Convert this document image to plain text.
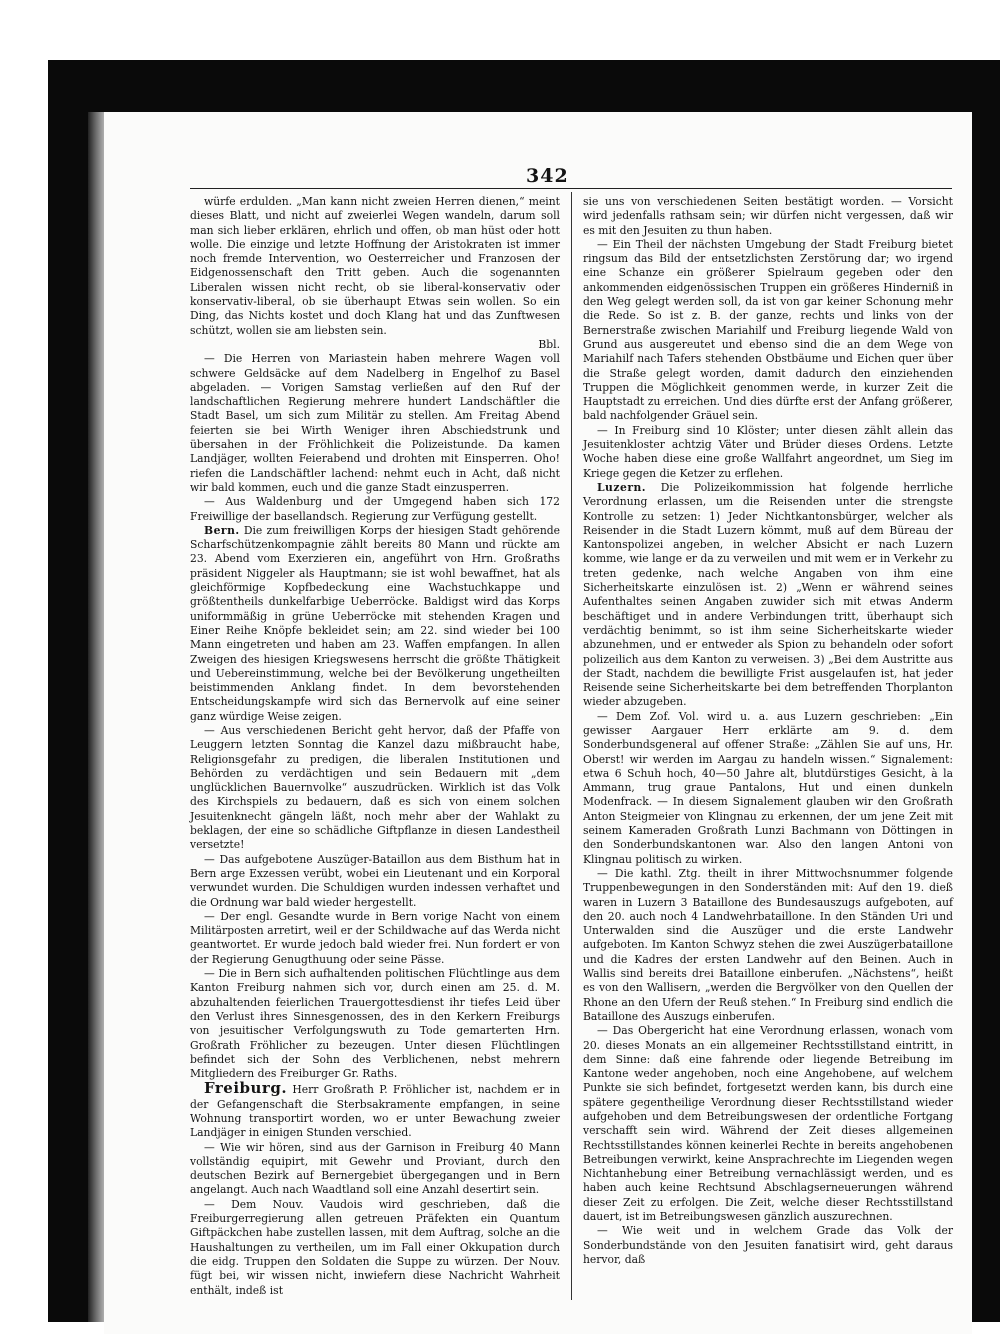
342

würfe erdulden. „Man kann nicht zweien Herren dienen,“ meint dieses Blatt, und nicht auf zweierlei Wegen wandeln, darum soll man sich lieber erklären, ehrlich und offen, ob man hüst oder hott wolle. Die einzige und letzte Hoffnung der Aristokraten ist immer noch fremde Intervention, wo Oesterreicher und Franzosen der Eidgenossenschaft den Tritt geben. Auch die sogenannten Liberalen wissen nicht recht, ob sie liberal-konservativ oder konservativ-liberal, ob sie überhaupt Etwas sein wollen. So ein Ding, das Nichts kostet und doch Klang hat und das Zunftwesen schützt, wollen sie am liebsten sein.

Bbl.

— Die Herren von Mariastein haben mehrere Wagen voll schwere Geldsäcke auf dem Nadelberg in Engelhof zu Basel abgeladen. — Vorigen Samstag verließen auf den Ruf der landschaftlichen Regierung mehrere hundert Landschäftler die Stadt Basel, um sich zum Militär zu stellen. Am Freitag Abend feierten sie bei Wirth Weniger ihren Abschiedstrunk und übersahen in der Fröhlichkeit die Polizeistunde. Da kamen Landjäger, wollten Feierabend und drohten mit Einsperren. Oho! riefen die Landschäftler lachend: nehmt euch in Acht, daß nicht wir bald kommen, euch und die ganze Stadt einzusperren.

— Aus Waldenburg und der Umgegend haben sich 172 Freiwillige der basellandsch. Regierung zur Verfügung gestellt.

Bern. Die zum freiwilligen Korps der hiesigen Stadt gehörende Scharfschützenkompagnie zählt bereits 80 Mann und rückte am 23. Abend vom Exerzieren ein, angeführt von Hrn. Großraths präsident Niggeler als Hauptmann; sie ist wohl bewaffnet, hat als gleichförmige Kopfbedeckung eine Wachstuchkappe und größtentheils dunkelfarbige Ueberröcke. Baldigst wird das Korps uniformmäßig in grüne Ueberröcke mit stehenden Kragen und Einer Reihe Knöpfe bekleidet sein; am 22. sind wieder bei 100 Mann eingetreten und haben am 23. Waffen empfangen. In allen Zweigen des hiesigen Kriegswesens herrscht die größte Thätigkeit und Uebereinstimmung, welche bei der Bevölkerung ungetheilten beistimmenden Anklang findet. In dem bevorstehenden Entscheidungskampfe wird sich das Bernervolk auf eine seiner ganz würdige Weise zeigen.

— Aus verschiedenen Bericht geht hervor, daß der Pfaffe von Leuggern letzten Sonntag die Kanzel dazu mißbraucht habe, Religionsgefahr zu predigen, die liberalen Institutionen und Behörden zu verdächtigen und sein Bedauern mit „dem unglücklichen Bauernvolke“ auszudrücken. Wirklich ist das Volk des Kirchspiels zu bedauern, daß es sich von einem solchen Jesuitenknecht gängeln läßt, noch mehr aber der Wahlakt zu beklagen, der eine so schädliche Giftpflanze in diesen Landestheil versetzte!

— Das aufgebotene Auszüger-Bataillon aus dem Bisthum hat in Bern arge Exzessen verübt, wobei ein Lieutenant und ein Korporal verwundet wurden. Die Schuldigen wurden indessen verhaftet und die Ordnung war bald wieder hergestellt.

— Der engl. Gesandte wurde in Bern vorige Nacht von einem Militärposten arretirt, weil er der Schildwache auf das Werda nicht geantwortet. Er wurde jedoch bald wieder frei. Nun fordert er von der Regierung Genugthuung oder seine Pässe.

— Die in Bern sich aufhaltenden politischen Flüchtlinge aus dem Kanton Freiburg nahmen sich vor, durch einen am 25. d. M. abzuhaltenden feierlichen Trauergottesdienst ihr tiefes Leid über den Verlust ihres Sinnesgenossen, des in den Kerkern Freiburgs von jesuitischer Verfolgungswuth zu Tode gemarterten Hrn. Großrath Fröhlicher zu bezeugen. Unter diesen Flüchtlingen befindet sich der Sohn des Verblichenen, nebst mehrern Mitgliedern des Freiburger Gr. Raths.

Freiburg. Herr Großrath P. Fröhlicher ist, nachdem er in der Gefangenschaft die Sterbsakramente empfangen, in seine Wohnung transportirt worden, wo er unter Bewachung zweier Landjäger in einigen Stunden verschied.

— Wie wir hören, sind aus der Garnison in Freiburg 40 Mann vollständig equipirt, mit Gewehr und Proviant, durch den deutschen Bezirk auf Bernergebiet übergegangen und in Bern angelangt. Auch nach Waadtland soll eine Anzahl desertirt sein.

— Dem Nouv. Vaudois wird geschrieben, daß die Freiburgerregierung allen getreuen Präfekten ein Quantum Giftpäckchen habe zustellen lassen, mit dem Auftrag, solche an die Haushaltungen zu vertheilen, um im Fall einer Okkupation durch die eidg. Truppen den Soldaten die Suppe zu würzen. Der Nouv. fügt bei, wir wissen nicht, inwiefern diese Nachricht Wahrheit enthält, indeß ist

sie uns von verschiedenen Seiten bestätigt worden. — Vorsicht wird jedenfalls rathsam sein; wir dürfen nicht vergessen, daß wir es mit den Jesuiten zu thun haben.

— Ein Theil der nächsten Umgebung der Stadt Freiburg bietet ringsum das Bild der entsetzlichsten Zerstörung dar; wo irgend eine Schanze ein größerer Spielraum gegeben oder den ankommenden eidgenössischen Truppen ein größeres Hinderniß in den Weg gelegt werden soll, da ist von gar keiner Schonung mehr die Rede. So ist z. B. der ganze, rechts und links von der Bernerstraße zwischen Mariahilf und Freiburg liegende Wald von Grund aus ausgereutet und ebenso sind die an dem Wege von Mariahilf nach Tafers stehenden Obstbäume und Eichen quer über die Straße gelegt worden, damit dadurch den einziehenden Truppen die Möglichkeit genommen werde, in kurzer Zeit die Hauptstadt zu erreichen. Und dies dürfte erst der Anfang größerer, bald nachfolgender Gräuel sein.

— In Freiburg sind 10 Klöster; unter diesen zählt allein das Jesuitenkloster achtzig Väter und Brüder dieses Ordens. Letzte Woche haben diese eine große Wallfahrt angeordnet, um Sieg im Kriege gegen die Ketzer zu erflehen.

Luzern. Die Polizeikommission hat folgende herrliche Verordnung erlassen, um die Reisenden unter die strengste Kontrolle zu setzen: 1) Jeder Nichtkantonsbürger, welcher als Reisender in die Stadt Luzern kömmt, muß auf dem Büreau der Kantonspolizei angeben, in welcher Absicht er nach Luzern komme, wie lange er da zu verweilen und mit wem er in Verkehr zu treten gedenke, nach welche Angaben von ihm eine Sicherheitskarte einzulösen ist. 2) „Wenn er während seines Aufenthaltes seinen Angaben zuwider sich mit etwas Anderm beschäftiget und in andere Verbindungen tritt, überhaupt sich verdächtig benimmt, so ist ihm seine Sicherheitskarte wieder abzunehmen, und er entweder als Spion zu behandeln oder sofort polizeilich aus dem Kanton zu verweisen. 3) „Bei dem Austritte aus der Stadt, nachdem die bewilligte Frist ausgelaufen ist, hat jeder Reisende seine Sicherheitskarte bei dem betreffenden Thorplanton wieder abzugeben.

— Dem Zof. Vol. wird u. a. aus Luzern geschrieben: „Ein gewisser Aargauer Herr erklärte am 9. d. dem Sonderbundsgeneral auf offener Straße: „Zählen Sie auf uns, Hr. Oberst! wir werden im Aargau zu handeln wissen.“ Signalement: etwa 6 Schuh hoch, 40—50 Jahre alt, blutdürstiges Gesicht, à la Ammann, trug graue Pantalons, Hut und einen dunkeln Modenfrack. — In diesem Signalement glauben wir den Großrath Anton Steigmeier von Klingnau zu erkennen, der um jene Zeit mit seinem Kameraden Großrath Lunzi Bachmann von Döttingen in den Sonderbundskantonen war. Also den langen Antoni von Klingnau politisch zu wirken.

— Die kathl. Ztg. theilt in ihrer Mittwochsnummer folgende Truppenbewegungen in den Sonderständen mit: Auf den 19. dieß waren in Luzern 3 Bataillone des Bundesauszugs aufgeboten, auf den 20. auch noch 4 Landwehrbataillone. In den Ständen Uri und Unterwalden sind die Auszüger und die erste Landwehr aufgeboten. Im Kanton Schwyz stehen die zwei Auszügerbataillone und die Kadres der ersten Landwehr auf den Beinen. Auch in Wallis sind bereits drei Bataillone einberufen. „Nächstens“, heißt es von den Wallisern, „werden die Bergvölker von den Quellen der Rhone an den Ufern der Reuß stehen.“ In Freiburg sind endlich die Bataillone des Auszugs einberufen.

— Das Obergericht hat eine Verordnung erlassen, wonach vom 20. dieses Monats an ein allgemeiner Rechtsstillstand eintritt, in dem Sinne: daß eine fahrende oder liegende Betreibung im Kantone weder angehoben, noch eine Angehobene, auf welchem Punkte sie sich befindet, fortgesetzt werden kann, bis durch eine spätere gegentheilige Verordnung dieser Rechtsstillstand wieder aufgehoben und dem Betreibungswesen der ordentliche Fortgang verschafft sein wird. Während der Zeit dieses allgemeinen Rechtsstillstandes können keinerlei Rechte in bereits angehobenen Betreibungen verwirkt, keine Ansprachrechte im Liegenden wegen Nichtanhebung einer Betreibung vernachlässigt werden, und es haben auch keine Rechtsund Abschlagserneuerungen während dieser Zeit zu erfolgen. Die Zeit, welche dieser Rechtsstillstand dauert, ist im Betreibungswesen gänzlich auszurechnen.

— Wie weit und in welchem Grade das Volk der Sonderbundstände von den Jesuiten fanatisirt wird, geht daraus hervor, daß
